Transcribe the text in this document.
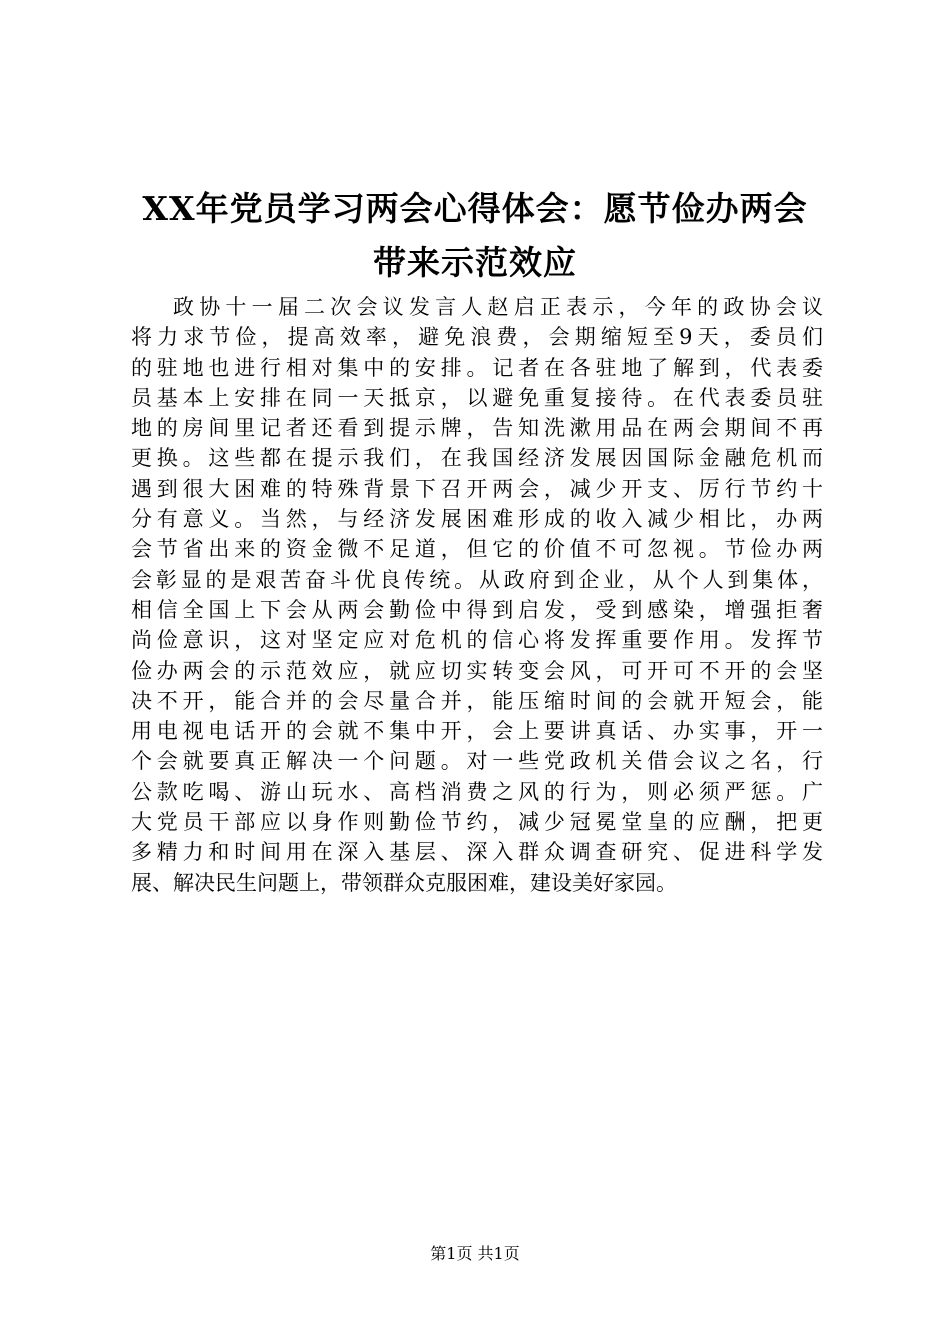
XX年党员学习两会心得体会：愿节俭办两会
带来示范效应
政协十一届二次会议发言人赵启正表示，今年的政协会议
将力求节俭，提高效率，避免浪费，会期缩短至9天，委员们
的驻地也进行相对集中的安排。记者在各驻地了解到，代表委
员基本上安排在同一天抵京，以避免重复接待。在代表委员驻
地的房间里记者还看到提示牌，告知洗漱用品在两会期间不再
更换。这些都在提示我们，在我国经济发展因国际金融危机而
遇到很大困难的特殊背景下召开两会，减少开支、厉行节约十
分有意义。当然，与经济发展困难形成的收入减少相比，办两
会节省出来的资金微不足道，但它的价值不可忽视。节俭办两
会彰显的是艰苦奋斗优良传统。从政府到企业，从个人到集体，
相信全国上下会从两会勤俭中得到启发，受到感染，增强拒奢
尚俭意识，这对坚定应对危机的信心将发挥重要作用。发挥节
俭办两会的示范效应，就应切实转变会风，可开可不开的会坚
决不开，能合并的会尽量合并，能压缩时间的会就开短会，能
用电视电话开的会就不集中开，会上要讲真话、办实事，开一
个会就要真正解决一个问题。对一些党政机关借会议之名，行
公款吃喝、游山玩水、高档消费之风的行为，则必须严惩。广
大党员干部应以身作则勤俭节约，减少冠冕堂皇的应酬，把更
多精力和时间用在深入基层、深入群众调查研究、促进科学发
展、解决民生问题上，带领群众克服困难，建设美好家园。
第1页 共1页
